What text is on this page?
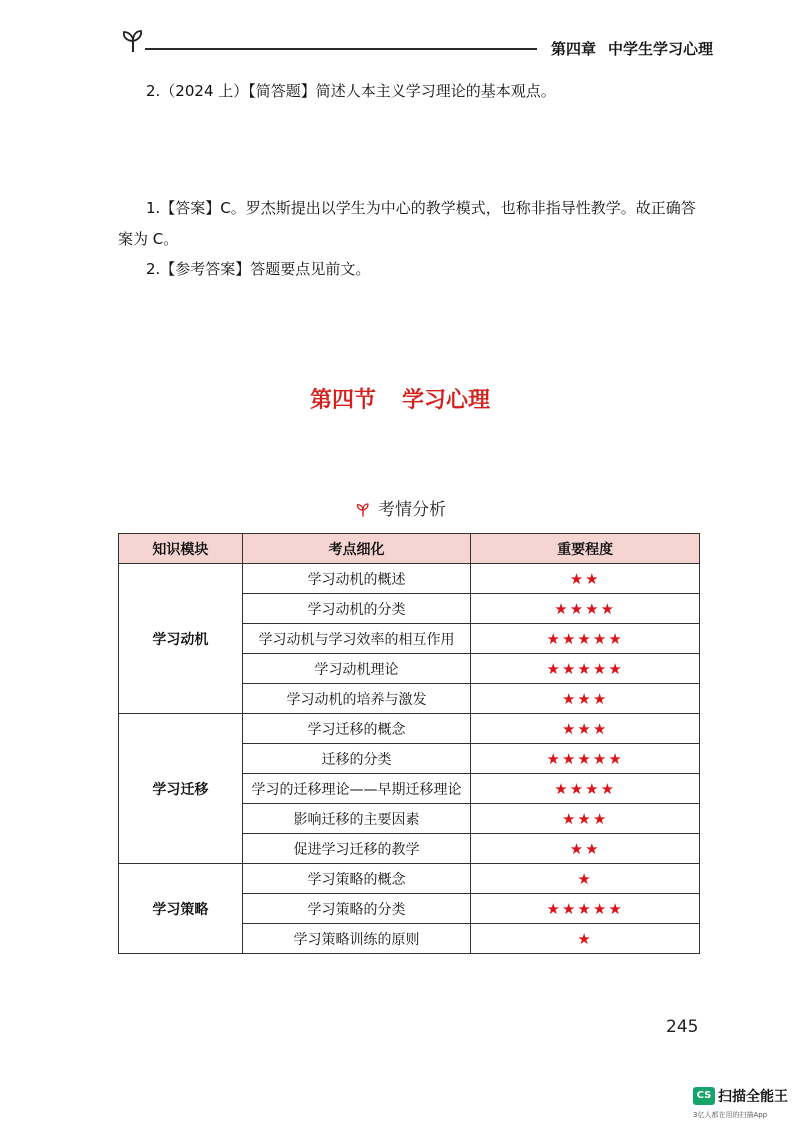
第四章 中学生学习心理
2.（2024 上）【简答题】简述人本主义学习理论的基本观点。
1.【答案】C。罗杰斯提出以学生为中心的教学模式，也称非指导性教学。故正确答
案为 C。
2.【参考答案】答题要点见前文。
第四节 学习心理
考情分析
知识模块	考点细化	重要程度
学习动机	学习动机的概述	★★
	学习动机的分类	★★★★
	学习动机与学习效率的相互作用	★★★★★
	学习动机理论	★★★★★
	学习动机的培养与激发	★★★
学习迁移	学习迁移的概念	★★★
	迁移的分类	★★★★★
	学习的迁移理论——早期迁移理论	★★★★
	影响迁移的主要因素	★★★
	促进学习迁移的教学	★★
学习策略	学习策略的概念	★
	学习策略的分类	★★★★★
	学习策略训练的原则	★
245
CS 扫描全能王
3亿人都在用的扫描App
